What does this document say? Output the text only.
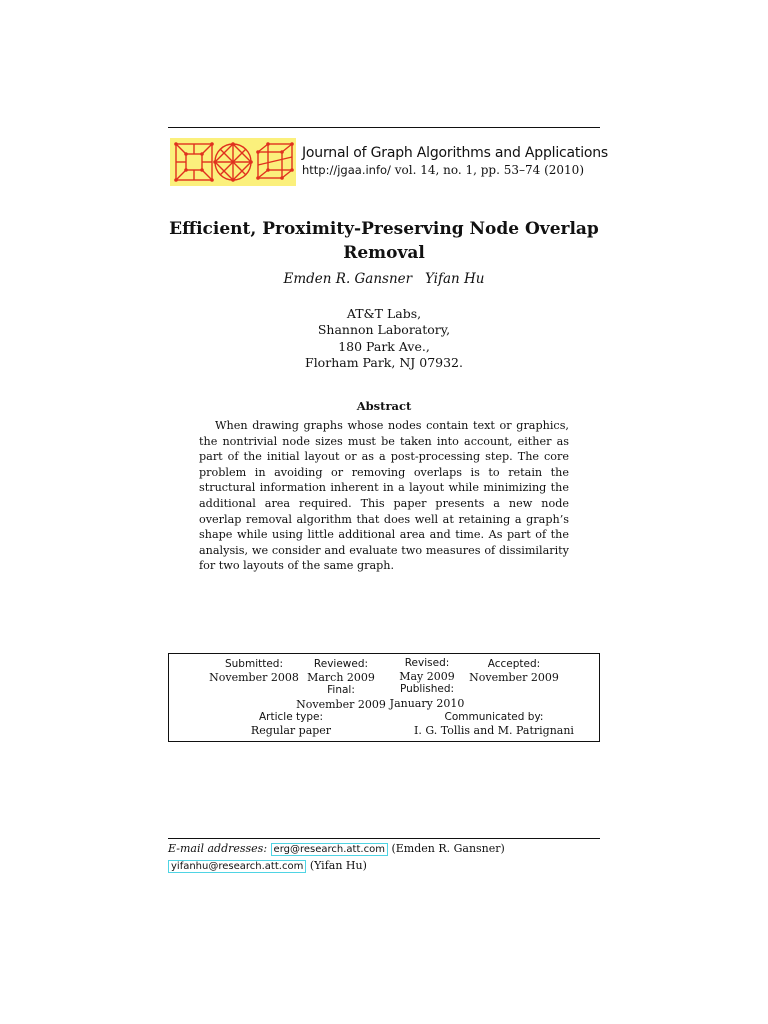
Journal of Graph Algorithms and Applications
http://jgaa.info/ vol. 14, no. 1, pp. 53–74 (2010)
Efficient, Proximity-Preserving Node Overlap Removal
Emden R. Gansner   Yifan Hu
AT&T Labs,
Shannon Laboratory,
180 Park Ave.,
Florham Park, NJ 07932.
Abstract
When drawing graphs whose nodes contain text or graphics, the nontrivial node sizes must be taken into account, either as part of the initial layout or as a post-processing step. The core problem in avoiding or removing overlaps is to retain the structural information inherent in a layout while minimizing the additional area required. This paper presents a new node overlap removal algorithm that does well at retaining a graph’s shape while using little additional area and time. As part of the analysis, we consider and evaluate two measures of dissimilarity for two layouts of the same graph.
Submitted:
November 2008
Reviewed:
March 2009
Final:
November 2009
Revised:
May 2009
Published:
January 2010
Accepted:
November 2009
Article type:
Regular paper
Communicated by:
I. G. Tollis and M. Patrignani
E-mail addresses: erg@research.att.com (Emden R. Gansner) yifanhu@research.att.com (Yifan Hu)
